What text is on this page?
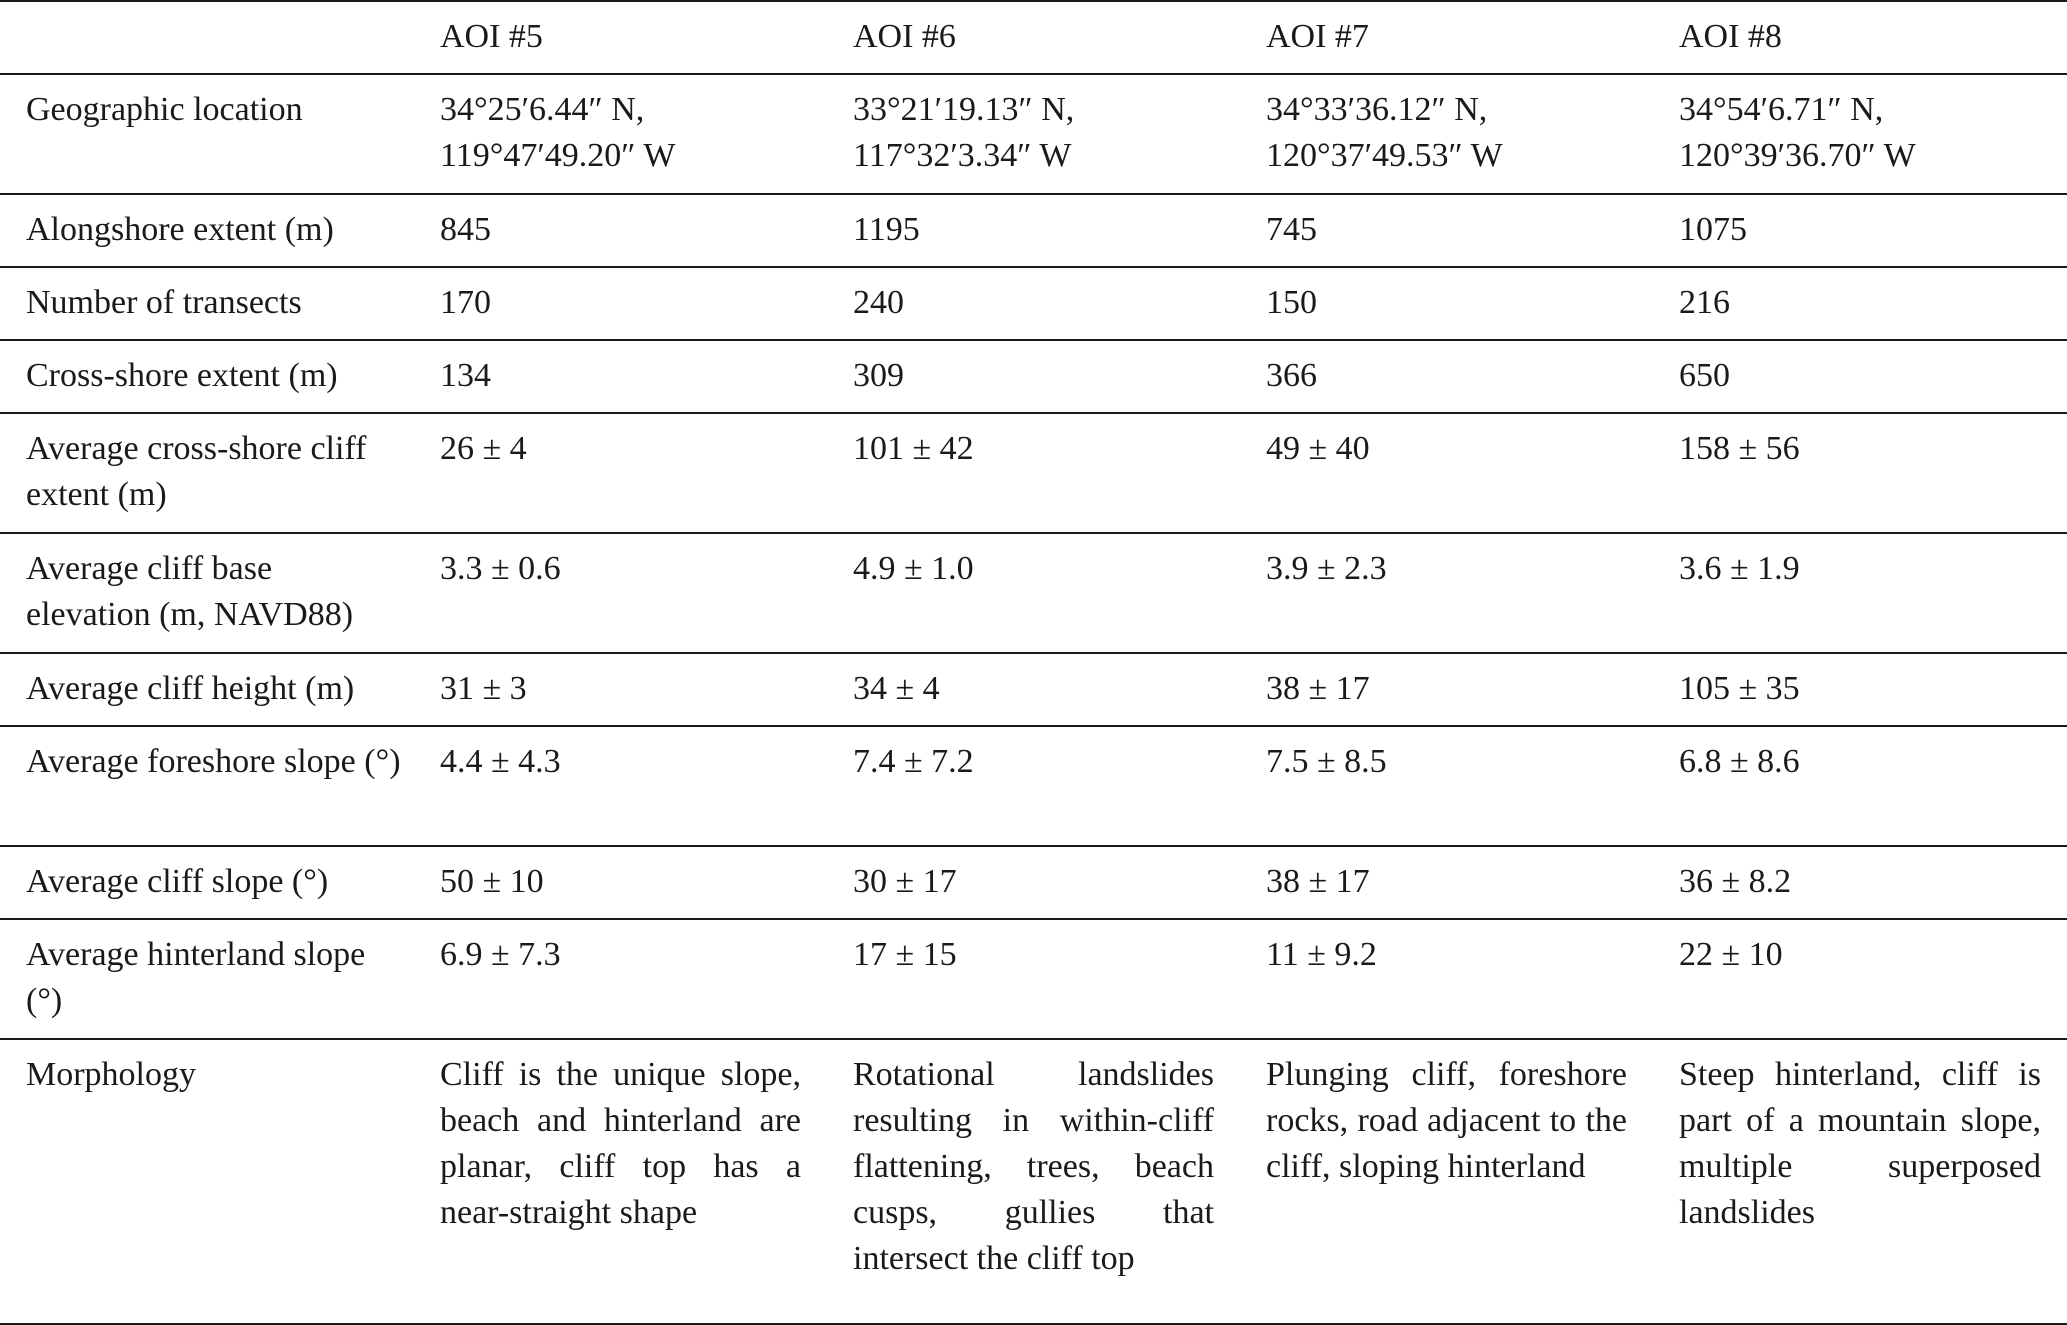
	AOI #5	AOI #6	AOI #7	AOI #8
Geographic location	34°25′6.44″ N, 119°47′49.20″ W	33°21′19.13″ N, 117°32′3.34″ W	34°33′36.12″ N, 120°37′49.53″ W	34°54′6.71″ N, 120°39′36.70″ W
Alongshore extent (m)	845	1195	745	1075
Number of transects	170	240	150	216
Cross-shore extent (m)	134	309	366	650
Average cross-shore cliff extent (m)	26 ± 4	101 ± 42	49 ± 40	158 ± 56
Average cliff base elevation (m, NAVD88)	3.3 ± 0.6	4.9 ± 1.0	3.9 ± 2.3	3.6 ± 1.9
Average cliff height (m)	31 ± 3	34 ± 4	38 ± 17	105 ± 35
Average foreshore slope (°)	4.4 ± 4.3	7.4 ± 7.2	7.5 ± 8.5	6.8 ± 8.6
Average cliff slope (°)	50 ± 10	30 ± 17	38 ± 17	36 ± 8.2
Average hinterland slope (°)	6.9 ± 7.3	17 ± 15	11 ± 9.2	22 ± 10
Morphology	Cliff is the unique slope, beach and hinterland are planar, cliff top has a near-straight shape	Rotational landslides resulting in within-cliff flattening, trees, beach cusps, gullies that intersect the cliff top	Plunging cliff, foreshore rocks, road adjacent to the cliff, sloping hinterland	Steep hinterland, cliff is part of a mountain slope, multiple superposed landslides
